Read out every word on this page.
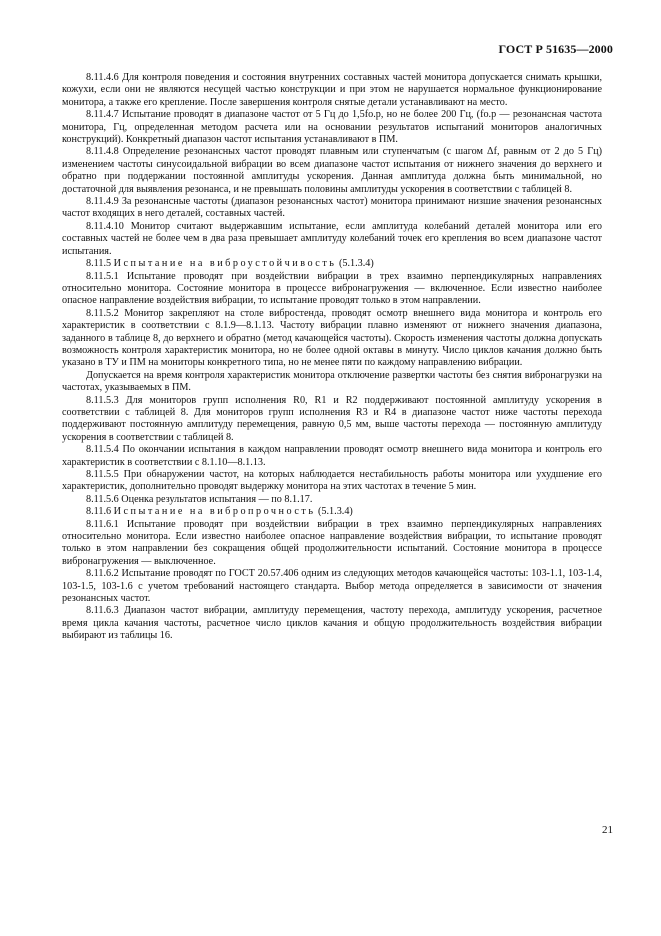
ГОСТ Р 51635—2000

8.11.4.6 Для контроля поведения и состояния внутренних составных частей монитора допускается снимать крышки, кожухи, если они не являются несущей частью конструкции и при этом не нарушается нормальное функционирование монитора, а также его крепление. После завершения контроля снятые детали устанавливают на место.

8.11.4.7 Испытание проводят в диапазоне частот от 5 Гц до 1,5fо.р, но не более 200 Гц, (fо.р — резонансная частота монитора, Гц, определенная методом расчета или на основании результатов испытаний мониторов аналогичных конструкций). Конкретный диапазон частот испытания устанавливают в ПМ.

8.11.4.8 Определение резонансных частот проводят плавным или ступенчатым (с шагом Δf, равным от 2 до 5 Гц) изменением частоты синусоидальной вибрации во всем диапазоне частот испытания от нижнего значения до верхнего и обратно при поддержании постоянной амплитуды ускорения. Данная амплитуда должна быть минимальной, но достаточной для выявления резонанса, и не превышать половины амплитуды ускорения в соответствии с таблицей 8.

8.11.4.9 За резонансные частоты (диапазон резонансных частот) монитора принимают низшие значения резонансных частот входящих в него деталей, составных частей.

8.11.4.10 Монитор считают выдержавшим испытание, если амплитуда колебаний деталей монитора или его составных частей не более чем в два раза превышает амплитуду колебаний точек его крепления во всем диапазоне частот испытания.

8.11.5 Испытание на виброустойчивость (5.1.3.4)

8.11.5.1 Испытание проводят при воздействии вибрации в трех взаимно перпендикулярных направлениях относительно монитора. Состояние монитора в процессе вибронагружения — включенное. Если известно наиболее опасное направление воздействия вибрации, то испытание проводят только в этом направлении.

8.11.5.2 Монитор закрепляют на столе вибростенда, проводят осмотр внешнего вида монитора и контроль его характеристик в соответствии с 8.1.9—8.1.13. Частоту вибрации плавно изменяют от нижнего значения диапазона, заданного в таблице 8, до верхнего и обратно (метод качающейся частоты). Скорость изменения частоты должна допускать возможность контроля характеристик монитора, но не более одной октавы в минуту. Число циклов качания должно быть указано в ТУ и ПМ на мониторы конкретного типа, но не менее пяти по каждому направлению вибрации.

Допускается на время контроля характеристик монитора отключение развертки частоты без снятия вибронагрузки на частотах, указываемых в ПМ.

8.11.5.3 Для мониторов групп исполнения R0, R1 и R2 поддерживают постоянной амплитуду ускорения в соответствии с таблицей 8. Для мониторов групп исполнения R3 и R4 в диапазоне частот ниже частоты перехода поддерживают постоянную амплитуду перемещения, равную 0,5 мм, выше частоты перехода — постоянную амплитуду ускорения в соответствии с таблицей 8.

8.11.5.4 По окончании испытания в каждом направлении проводят осмотр внешнего вида монитора и контроль его характеристик в соответствии с 8.1.10—8.1.13.

8.11.5.5 При обнаружении частот, на которых наблюдается нестабильность работы монитора или ухудшение его характеристик, дополнительно проводят выдержку монитора на этих частотах в течение 5 мин.

8.11.5.6 Оценка результатов испытания — по 8.1.17.

8.11.6 Испытание на вибропрочность (5.1.3.4)

8.11.6.1 Испытание проводят при воздействии вибрации в трех взаимно перпендикулярных направлениях относительно монитора. Если известно наиболее опасное направление воздействия вибрации, то испытание проводят только в этом направлении без сокращения общей продолжительности испытаний. Состояние монитора в процессе вибронагружения — выключенное.

8.11.6.2 Испытание проводят по ГОСТ 20.57.406 одним из следующих методов качающейся частоты: 103-1.1, 103-1.4, 103-1.5, 103-1.6 с учетом требований настоящего стандарта. Выбор метода определяется в зависимости от значения резонансных частот.

8.11.6.3 Диапазон частот вибрации, амплитуду перемещения, частоту перехода, амплитуду ускорения, расчетное время цикла качания частоты, расчетное число циклов качания и общую продолжительность воздействия вибрации выбирают из таблицы 16.

21
